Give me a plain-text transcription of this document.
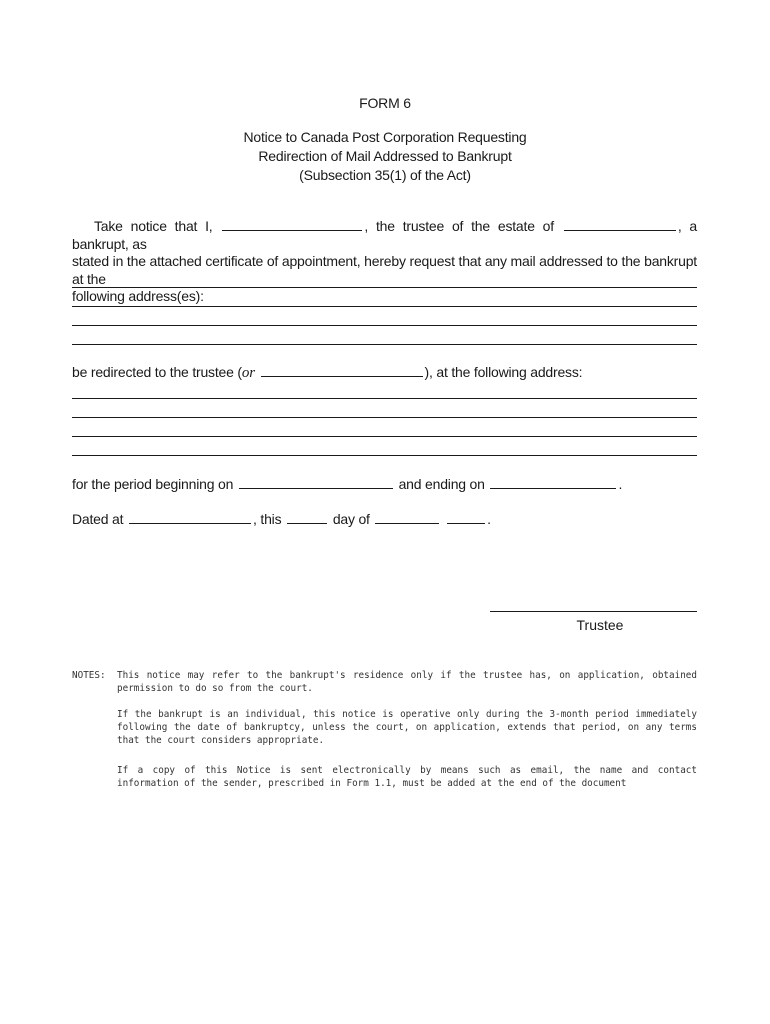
FORM 6
Notice to Canada Post Corporation Requesting
Redirection of Mail Addressed to Bankrupt
(Subsection 35(1) of the Act)
Take notice that I,	, the trustee of the estate of	, a bankrupt, as
stated in the attached certificate of appointment, hereby request that any mail addressed to the bankrupt at the
following address(es):
be redirected to the trustee (or	), at the following address:
for the period beginning on	and ending on	.
Dated at	, this	day of	.
Trustee
NOTES: This notice may refer to the bankrupt's residence only if the trustee has, on application, obtained permission to do so from the court.

If the bankrupt is an individual, this notice is operative only during the 3-month period immediately following the date of bankruptcy, unless the court, on application, extends that period, on any terms that the court considers appropriate.

If a copy of this Notice is sent electronically by means such as email, the name and contact information of the sender, prescribed in Form 1.1, must be added at the end of the document
